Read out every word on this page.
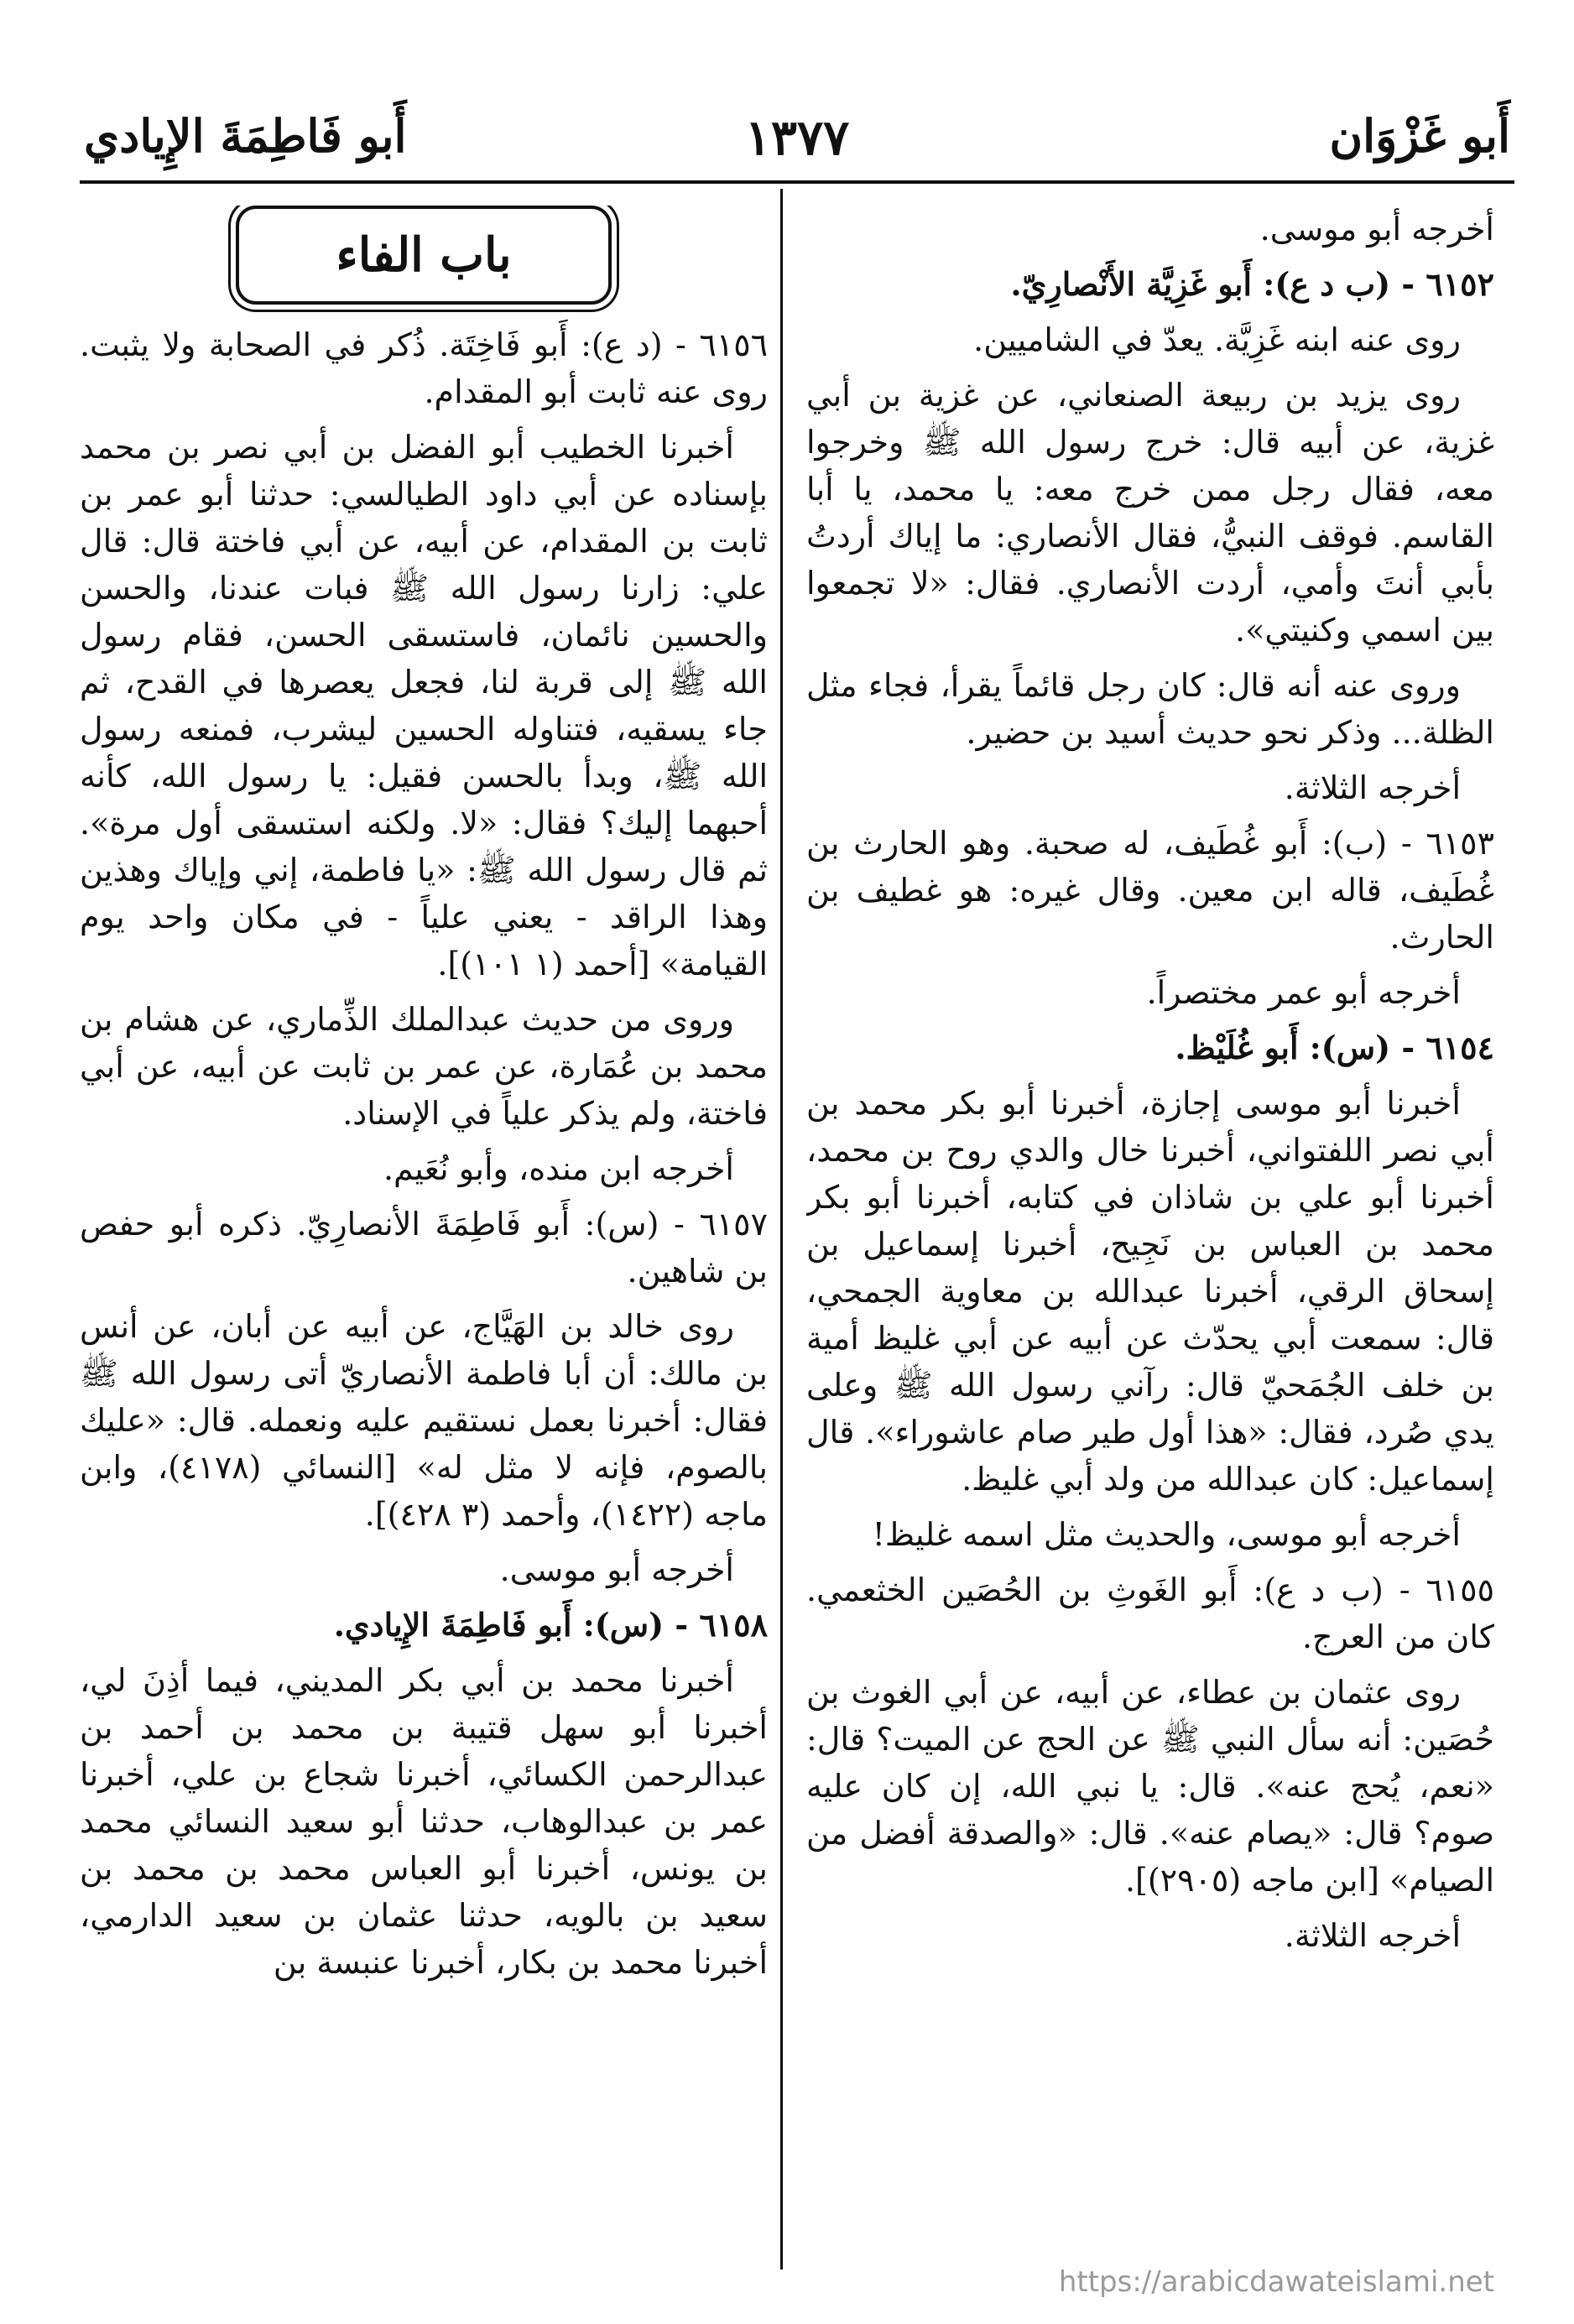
أَبو غَزْوَان
١٣٧٧
أَبو فَاطِمَةَ الإِيادي

أخرجه أبو موسى.

٦١٥٢ - (ب د ع): أَبو غَزِيَّة الأَنْصارِيّ.

روى عنه ابنه غَزِيَّة. يعدّ في الشاميين.

روى يزيد بن ربيعة الصنعاني، عن غزية بن أبي غزية، عن أبيه قال: خرج رسول الله ﷺ وخرجوا معه، فقال رجل ممن خرج معه: يا محمد، يا أبا القاسم. فوقف النبيُّ، فقال الأنصاري: ما إياك أردتُ بأبي أنتَ وأمي، أردت الأنصاري. فقال: «لا تجمعوا بين اسمي وكنيتي».

وروى عنه أنه قال: كان رجل قائماً يقرأ، فجاء مثل الظلة... وذكر نحو حديث أسيد بن حضير.

أخرجه الثلاثة.

٦١٥٣ - (ب): أَبو غُطَيف، له صحبة. وهو الحارث بن غُطَيف، قاله ابن معين. وقال غيره: هو غطيف بن الحارث.

أخرجه أبو عمر مختصراً.

٦١٥٤ - (س): أَبو غُلَيْظ.

أخبرنا أبو موسى إجازة، أخبرنا أبو بكر محمد بن أبي نصر اللفتواني، أخبرنا خال والدي روح بن محمد، أخبرنا أبو علي بن شاذان في كتابه، أخبرنا أبو بكر محمد بن العباس بن نَجِيح، أخبرنا إسماعيل بن إسحاق الرقي، أخبرنا عبدالله بن معاوية الجمحي، قال: سمعت أبي يحدّث عن أبيه عن أبي غليظ أمية بن خلف الجُمَحيّ قال: رآني رسول الله ﷺ وعلى يدي صُرد، فقال: «هذا أول طير صام عاشوراء». قال إسماعيل: كان عبدالله من ولد أبي غليظ.

أخرجه أبو موسى، والحديث مثل اسمه غليظ!

٦١٥٥ - (ب د ع): أَبو الغَوثِ بن الحُصَين الخثعمي. كان من العرج.

روى عثمان بن عطاء، عن أبيه، عن أبي الغوث بن حُصَين: أنه سأل النبي ﷺ عن الحج عن الميت؟ قال: «نعم، يُحج عنه». قال: يا نبي الله، إن كان عليه صوم؟ قال: «يصام عنه». قال: «والصدقة أفضل من الصيام» [ابن ماجه (٢٩٠٥)].

أخرجه الثلاثة.

باب الفاء

٦١٥٦ - (د ع): أَبو فَاخِتَة. ذُكر في الصحابة ولا يثبت. روى عنه ثابت أبو المقدام.

أخبرنا الخطيب أبو الفضل بن أبي نصر بن محمد بإسناده عن أبي داود الطيالسي: حدثنا أبو عمر بن ثابت بن المقدام، عن أبيه، عن أبي فاختة قال: قال علي: زارنا رسول الله ﷺ فبات عندنا، والحسن والحسين نائمان، فاستسقى الحسن، فقام رسول الله ﷺ إلى قربة لنا، فجعل يعصرها في القدح، ثم جاء يسقيه، فتناوله الحسين ليشرب، فمنعه رسول الله ﷺ، وبدأ بالحسن فقيل: يا رسول الله، كأنه أحبهما إليك؟ فقال: «لا. ولكنه استسقى أول مرة». ثم قال رسول الله ﷺ: «يا فاطمة، إني وإياك وهذين وهذا الراقد - يعني علياً - في مكان واحد يوم القيامة» [أحمد (١ ١٠١)].

وروى من حديث عبدالملك الذِّماري، عن هشام بن محمد بن عُمَارة، عن عمر بن ثابت عن أبيه، عن أبي فاختة، ولم يذكر علياً في الإسناد.

أخرجه ابن منده، وأبو نُعَيم.

٦١٥٧ - (س): أَبو فَاطِمَةَ الأنصارِيّ. ذكره أبو حفص بن شاهين.

روى خالد بن الهَيَّاج، عن أبيه عن أبان، عن أنس بن مالك: أن أبا فاطمة الأنصاريّ أتى رسول الله ﷺ فقال: أخبرنا بعمل نستقيم عليه ونعمله. قال: «عليك بالصوم، فإنه لا مثل له» [النسائي (٤١٧٨)، وابن ماجه (١٤٢٢)، وأحمد (٣ ٤٢٨)].

أخرجه أبو موسى.

٦١٥٨ - (س): أَبو فَاطِمَةَ الإِيادي.

أخبرنا محمد بن أبي بكر المديني، فيما أذِنَ لي، أخبرنا أبو سهل قتيبة بن محمد بن أحمد بن عبدالرحمن الكسائي، أخبرنا شجاع بن علي، أخبرنا عمر بن عبدالوهاب، حدثنا أبو سعيد النسائي محمد بن يونس، أخبرنا أبو العباس محمد بن محمد بن سعيد بن بالويه، حدثنا عثمان بن سعيد الدارمي، أخبرنا محمد بن بكار، أخبرنا عنبسة بن

https://arabicdawateislami.net
